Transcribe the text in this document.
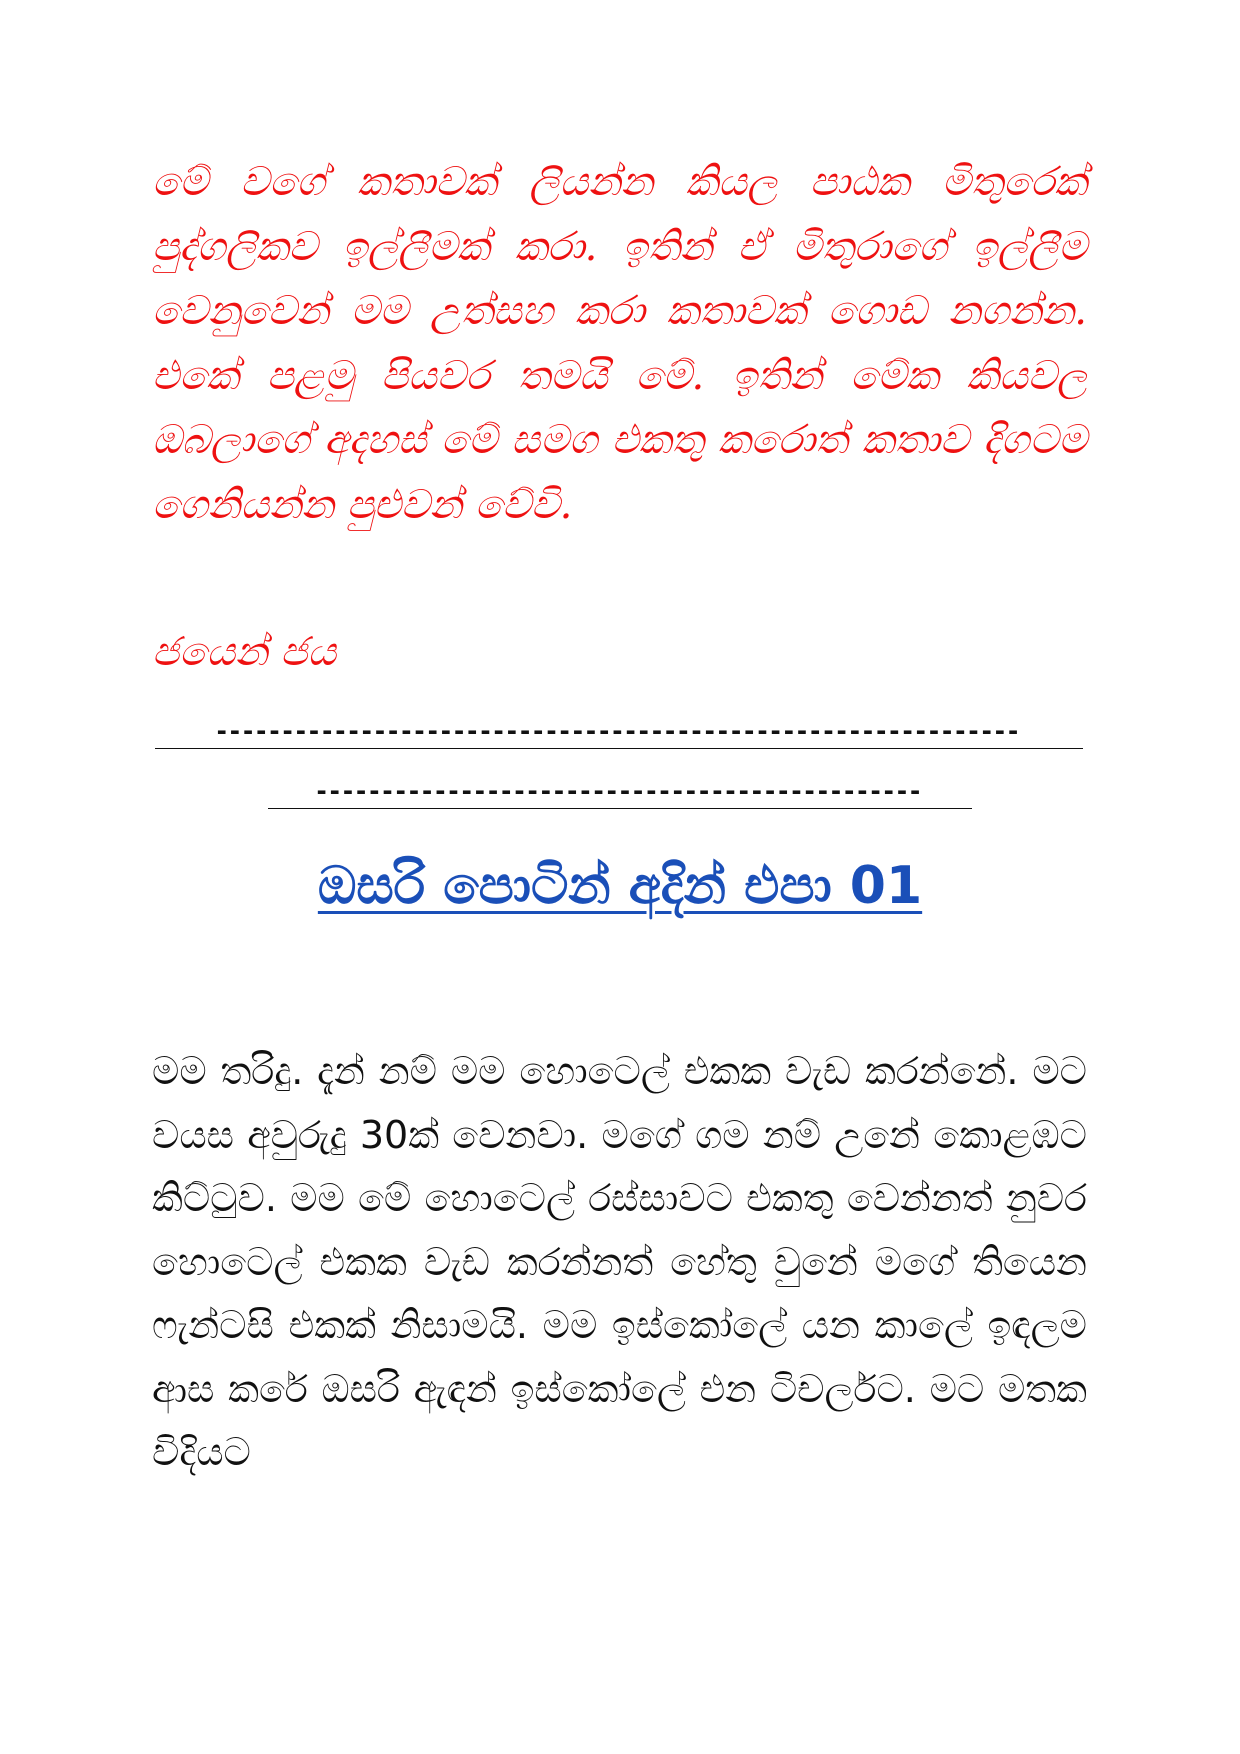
මේ වගේ කතාවක් ලියන්න කියල පාඨක මිතුරෙක් පුද්ගලිකව ඉල්ලීමක් කරා. ඉතින් ඒ මිතුරාගේ ඉල්ලීම වෙනුවෙන් මම උත්සහ කරා කතාවක් ගොඩ නගන්න. එකේ පළමු පියවර තමයි මේ. ඉතින් මේක කියවල ඔබලාගේ අදහස් මේ සමග එකතු කරොත් කතාව දිගටම ගෙනියන්න පුළුවන් වේවි.

ජයෙන් ජය

-------------------------------------------------------------
----------------------------------------------
ඔසරි පොටින් අදින් එපා 01

මම තරිදු. දැන් නම් මම හොටෙල් එකක වැඩ කරන්නේ. මට වයස අවුරුදු 30ක් වෙනවා. මගේ ගම නම් උනේ කොළඹට කිට්ටුව. මම මේ හොටෙල් රස්සාවට එකතු වෙන්නත් නුවර හොටෙල් එකක වැඩ කරන්නත් හේතු වුනේ මගේ තියෙන ෆැන්ටසි එකක් නිසාමයි. මම ඉස්කෝලේ යන කාලේ ඉඳලම ආස කරේ ඔසරි ඇඳන් ඉස්කෝලේ එන ටිචර්ලට. මට මතක විදියට
